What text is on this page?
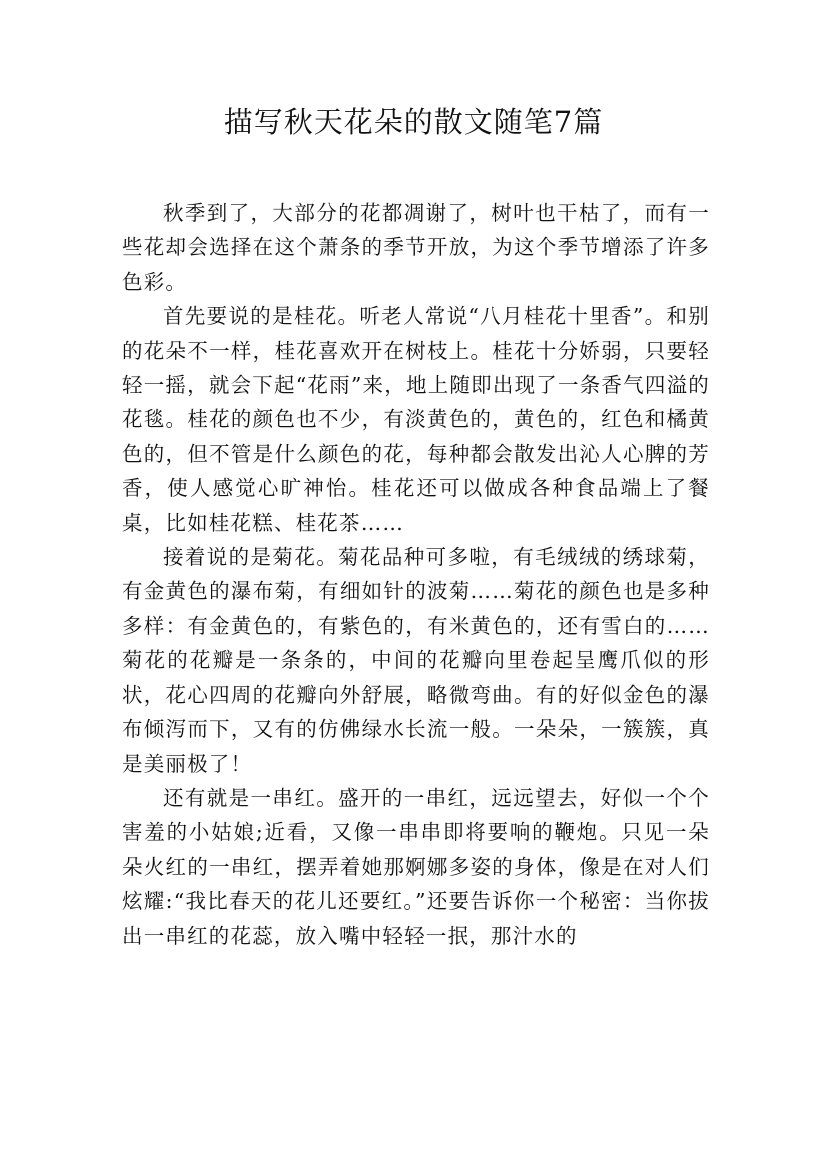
描写秋天花朵的散文随笔7篇

秋季到了，大部分的花都凋谢了，树叶也干枯了，而有一些花却会选择在这个萧条的季节开放，为这个季节增添了许多色彩。

首先要说的是桂花。听老人常说“八月桂花十里香”。和别的花朵不一样，桂花喜欢开在树枝上。桂花十分娇弱，只要轻轻一摇，就会下起“花雨”来，地上随即出现了一条香气四溢的花毯。桂花的颜色也不少，有淡黄色的，黄色的，红色和橘黄色的，但不管是什么颜色的花，每种都会散发出沁人心脾的芳香，使人感觉心旷神怡。桂花还可以做成各种食品端上了餐桌，比如桂花糕、桂花茶……

接着说的是菊花。菊花品种可多啦，有毛绒绒的绣球菊，有金黄色的瀑布菊，有细如针的波菊……菊花的颜色也是多种多样：有金黄色的，有紫色的，有米黄色的，还有雪白的……菊花的花瓣是一条条的，中间的花瓣向里卷起呈鹰爪似的形状，花心四周的花瓣向外舒展，略微弯曲。有的好似金色的瀑布倾泻而下，又有的仿佛绿水长流一般。一朵朵，一簇簇，真是美丽极了！

还有就是一串红。盛开的一串红，远远望去，好似一个个害羞的小姑娘;近看，又像一串串即将要响的鞭炮。只见一朵朵火红的一串红，摆弄着她那婀娜多姿的身体，像是在对人们炫耀:“我比春天的花儿还要红。”还要告诉你一个秘密：当你拔出一串红的花蕊，放入嘴中轻轻一抿，那汁水的
